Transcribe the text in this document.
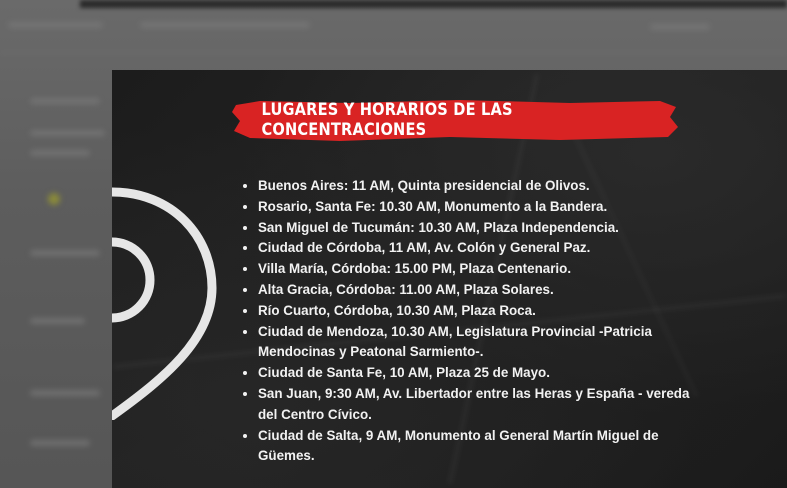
LUGARES Y HORARIOS DE LAS CONCENTRACIONES
• Buenos Aires: 11 AM, Quinta presidencial de Olivos.
• Rosario, Santa Fe: 10.30 AM, Monumento a la Bandera.
• San Miguel de Tucumán: 10.30 AM, Plaza Independencia.
• Ciudad de Córdoba, 11 AM, Av. Colón y General Paz.
• Villa María, Córdoba: 15.00 PM, Plaza Centenario.
• Alta Gracia, Córdoba: 11.00 AM, Plaza Solares.
• Río Cuarto, Córdoba, 10.30 AM, Plaza Roca.
• Ciudad de Mendoza, 10.30 AM, Legislatura Provincial -Patricia Mendocinas y Peatonal Sarmiento-.
• Ciudad de Santa Fe, 10 AM, Plaza 25 de Mayo.
• San Juan, 9:30 AM, Av. Libertador entre las Heras y España - vereda del Centro Cívico.
• Ciudad de Salta, 9 AM, Monumento al General Martín Miguel de Güemes.
